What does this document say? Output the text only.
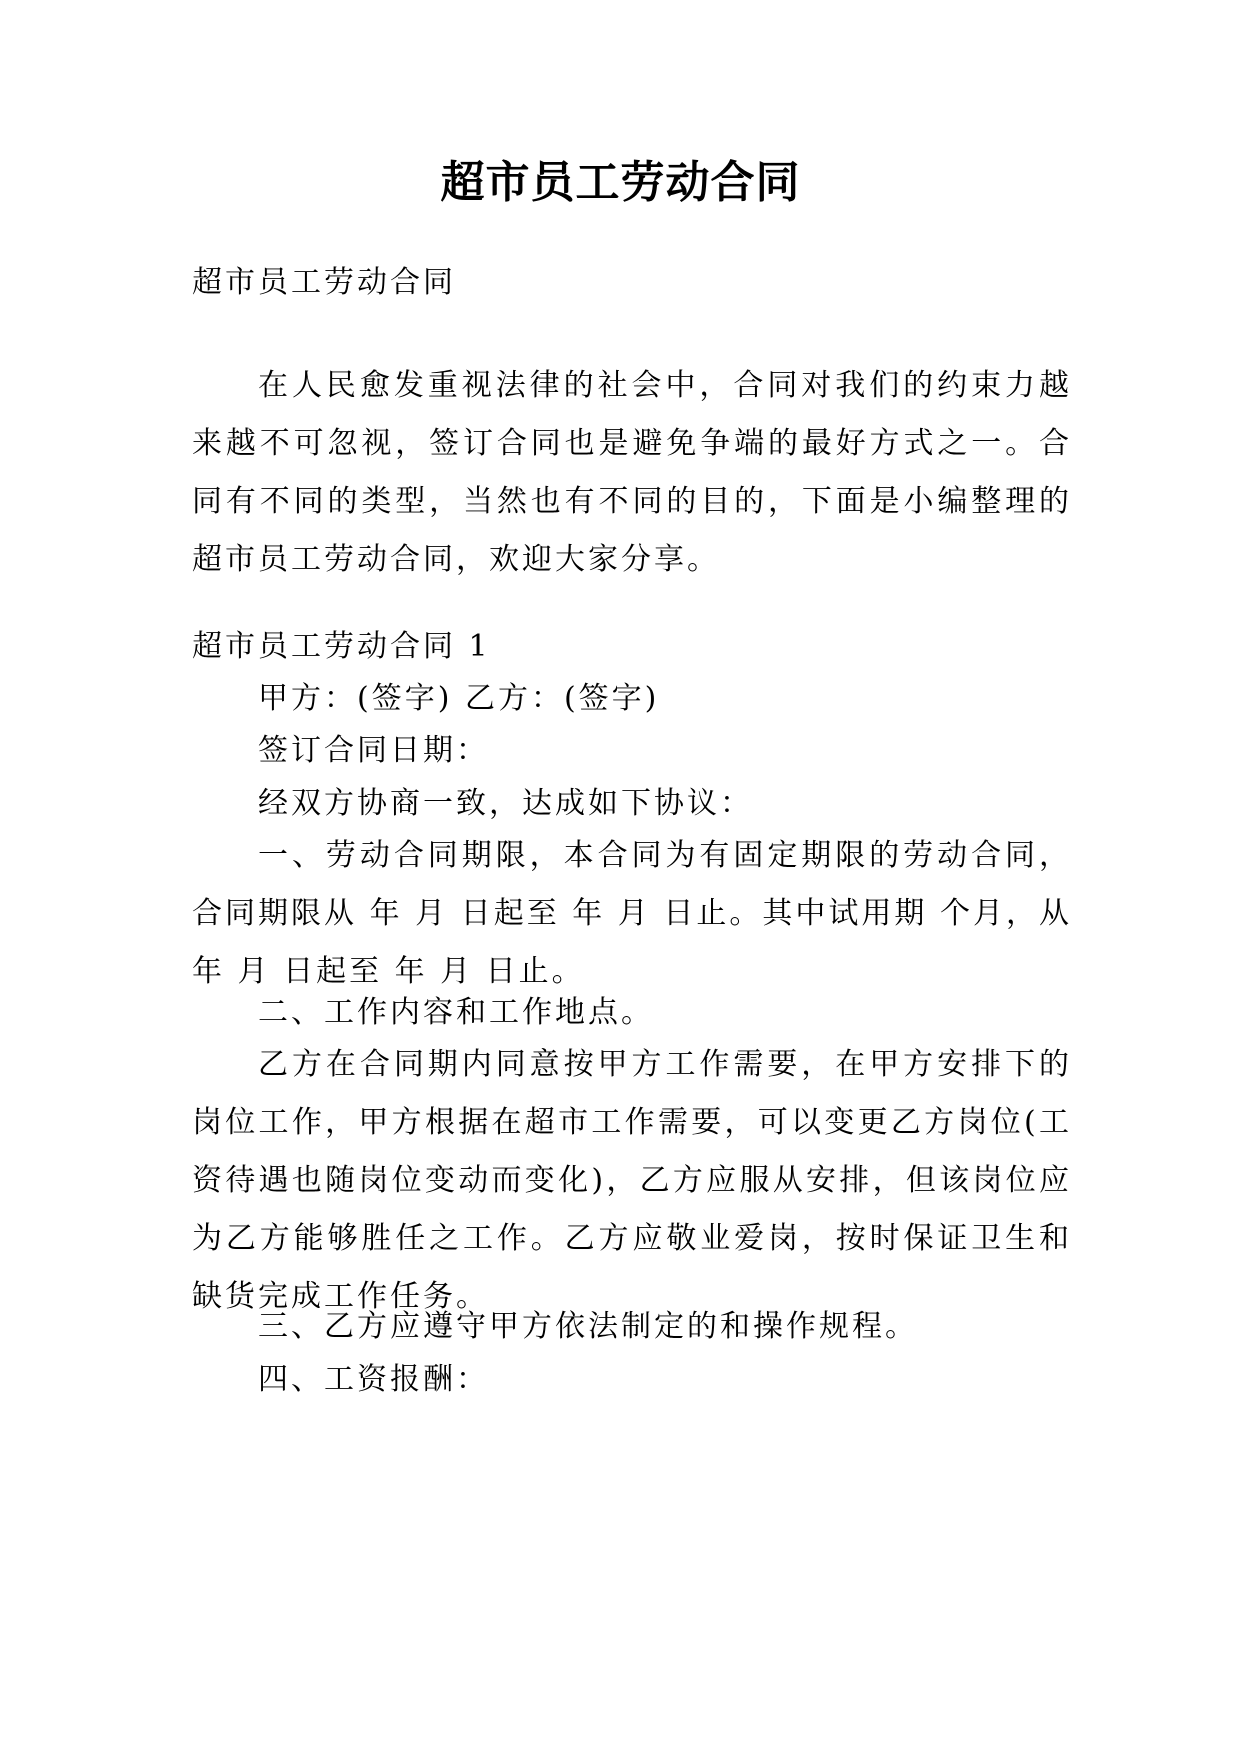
超市员工劳动合同

超市员工劳动合同

在人民愈发重视法律的社会中，合同对我们的约束力越来越不可忽视，签订合同也是避免争端的最好方式之一。合同有不同的类型，当然也有不同的目的，下面是小编整理的超市员工劳动合同，欢迎大家分享。

超市员工劳动合同 1

甲方：(签字) 乙方：(签字)

签订合同日期：

经双方协商一致，达成如下协议：

一、劳动合同期限，本合同为有固定期限的劳动合同，合同期限从 年 月 日起至 年 月 日止。其中试用期 个月，从 年 月 日起至 年 月 日止。

二、工作内容和工作地点。

乙方在合同期内同意按甲方工作需要，在甲方安排下的岗位工作，甲方根据在超市工作需要，可以变更乙方岗位(工资待遇也随岗位变动而变化)，乙方应服从安排，但该岗位应为乙方能够胜任之工作。乙方应敬业爱岗，按时保证卫生和缺货完成工作任务。

三、乙方应遵守甲方依法制定的和操作规程。

四、工资报酬：
